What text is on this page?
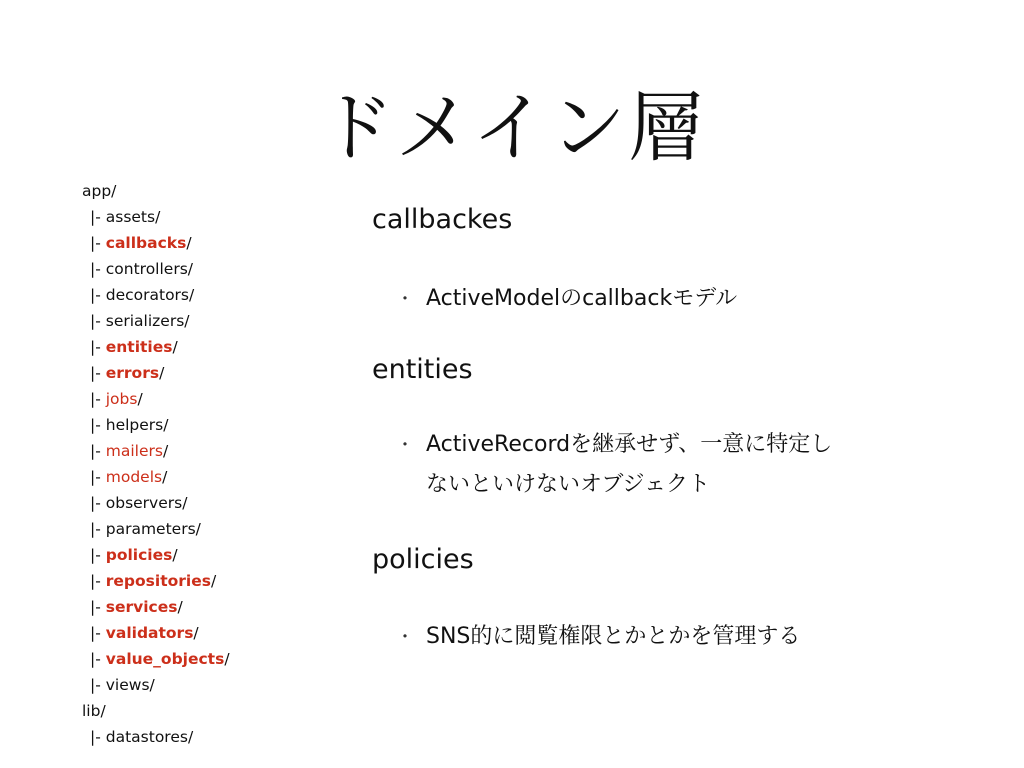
ドメイン層
app/
|- assets/
|- callbacks/
|- controllers/
|- decorators/
|- serializers/
|- entities/
|- errors/
|- jobs/
|- helpers/
|- mailers/
|- models/
|- observers/
|- parameters/
|- policies/
|- repositories/
|- services/
|- validators/
|- value_objects/
|- views/
lib/
|- datastores/
callbackes
・ ActiveModelのcallbackモデル
entities
・ ActiveRecordを継承せず、一意に特定し
ないといけないオブジェクト
policies
・ SNS的に閲覧権限とかとかを管理する
